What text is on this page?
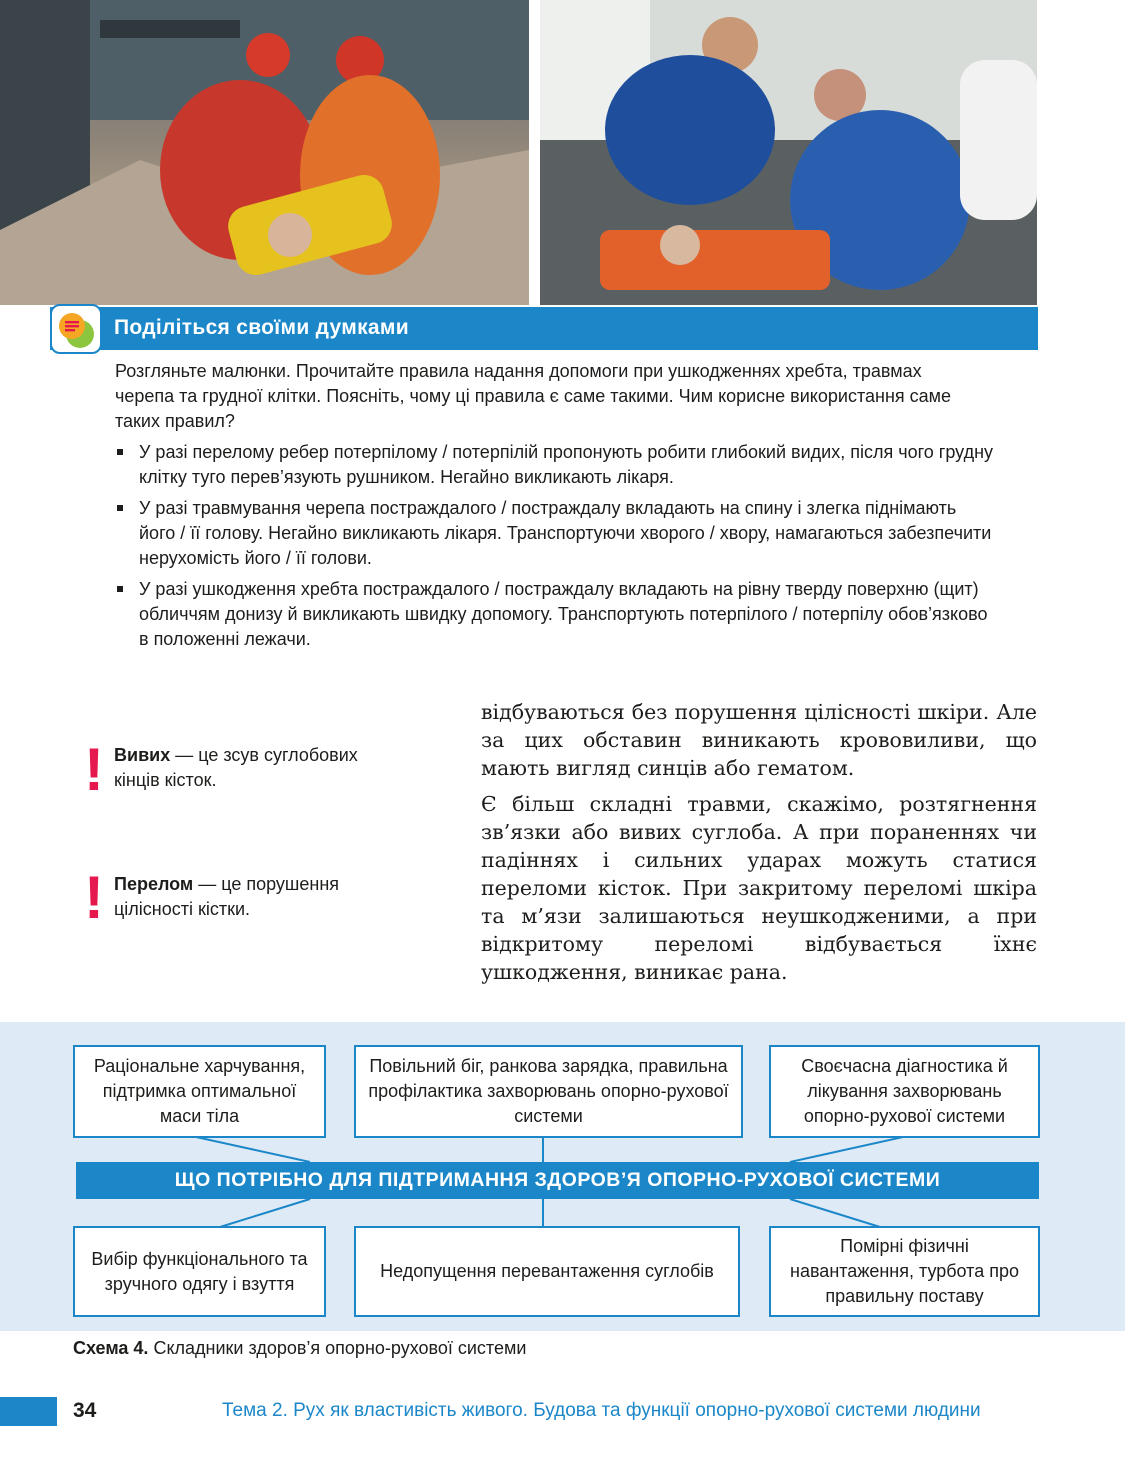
Поділіться своїми думками
Розгляньте малюнки. Прочитайте правила надання допомоги при ушкодженнях хребта, травмах черепа та грудної клітки. Поясніть, чому ці правила є саме такими. Чим корисне використання саме таких правил?
У разі перелому ребер потерпілому / потерпілій пропонують робити глибокий видих, після чого грудну клітку туго перев’язують рушником. Негайно викликають лікаря.
У разі травмування черепа постраждалого / постраждалу вкладають на спину і злегка піднімають його / її голову. Негайно викликають лікаря. Транспортуючи хворого / хвору, намагаються забезпечити нерухомість його / її голови.
У разі ушкодження хребта постраждалого / постраждалу вкладають на рівну тверду поверхню (щит) обличчям донизу й викликають швидку допомогу. Транспортують потерпілого / потерпілу обов’язково в положенні лежачи.
! Вивих — це зсув суглобових кінців кісток.
! Перелом — це порушення цілісності кістки.

відбуваються без порушення цілісності шкіри. Але за цих обставин виникають крововиливи, що мають вигляд синців або гематом.

Є більш складні травми, скажімо, розтягнення зв’язки або вивих суглоба. А при пораненнях чи падіннях і сильних ударах можуть статися переломи кісток. При закритому переломі шкіра та м’язи залишаються неушкодженими, а при відкритому переломі відбувається їхнє ушкодження, виникає рана.

Раціональне харчування, підтримка оптимальної маси тіла
Повільний біг, ранкова зарядка, правильна профілактика захворювань опорно-рухової системи
Своєчасна діагностика й лікування захворювань опорно-рухової системи
ЩО ПОТРІБНО ДЛЯ ПІДТРИМАННЯ ЗДОРОВ’Я ОПОРНО-РУХОВОЇ СИСТЕМИ
Вибір функціонального та зручного одягу і взуття
Недопущення перевантаження суглобів
Помірні фізичні навантаження, турбота про правильну поставу
Схема 4. Складники здоров’я опорно-рухової системи
34	Тема 2. Рух як властивість живого. Будова та функції опорно-рухової системи людини
